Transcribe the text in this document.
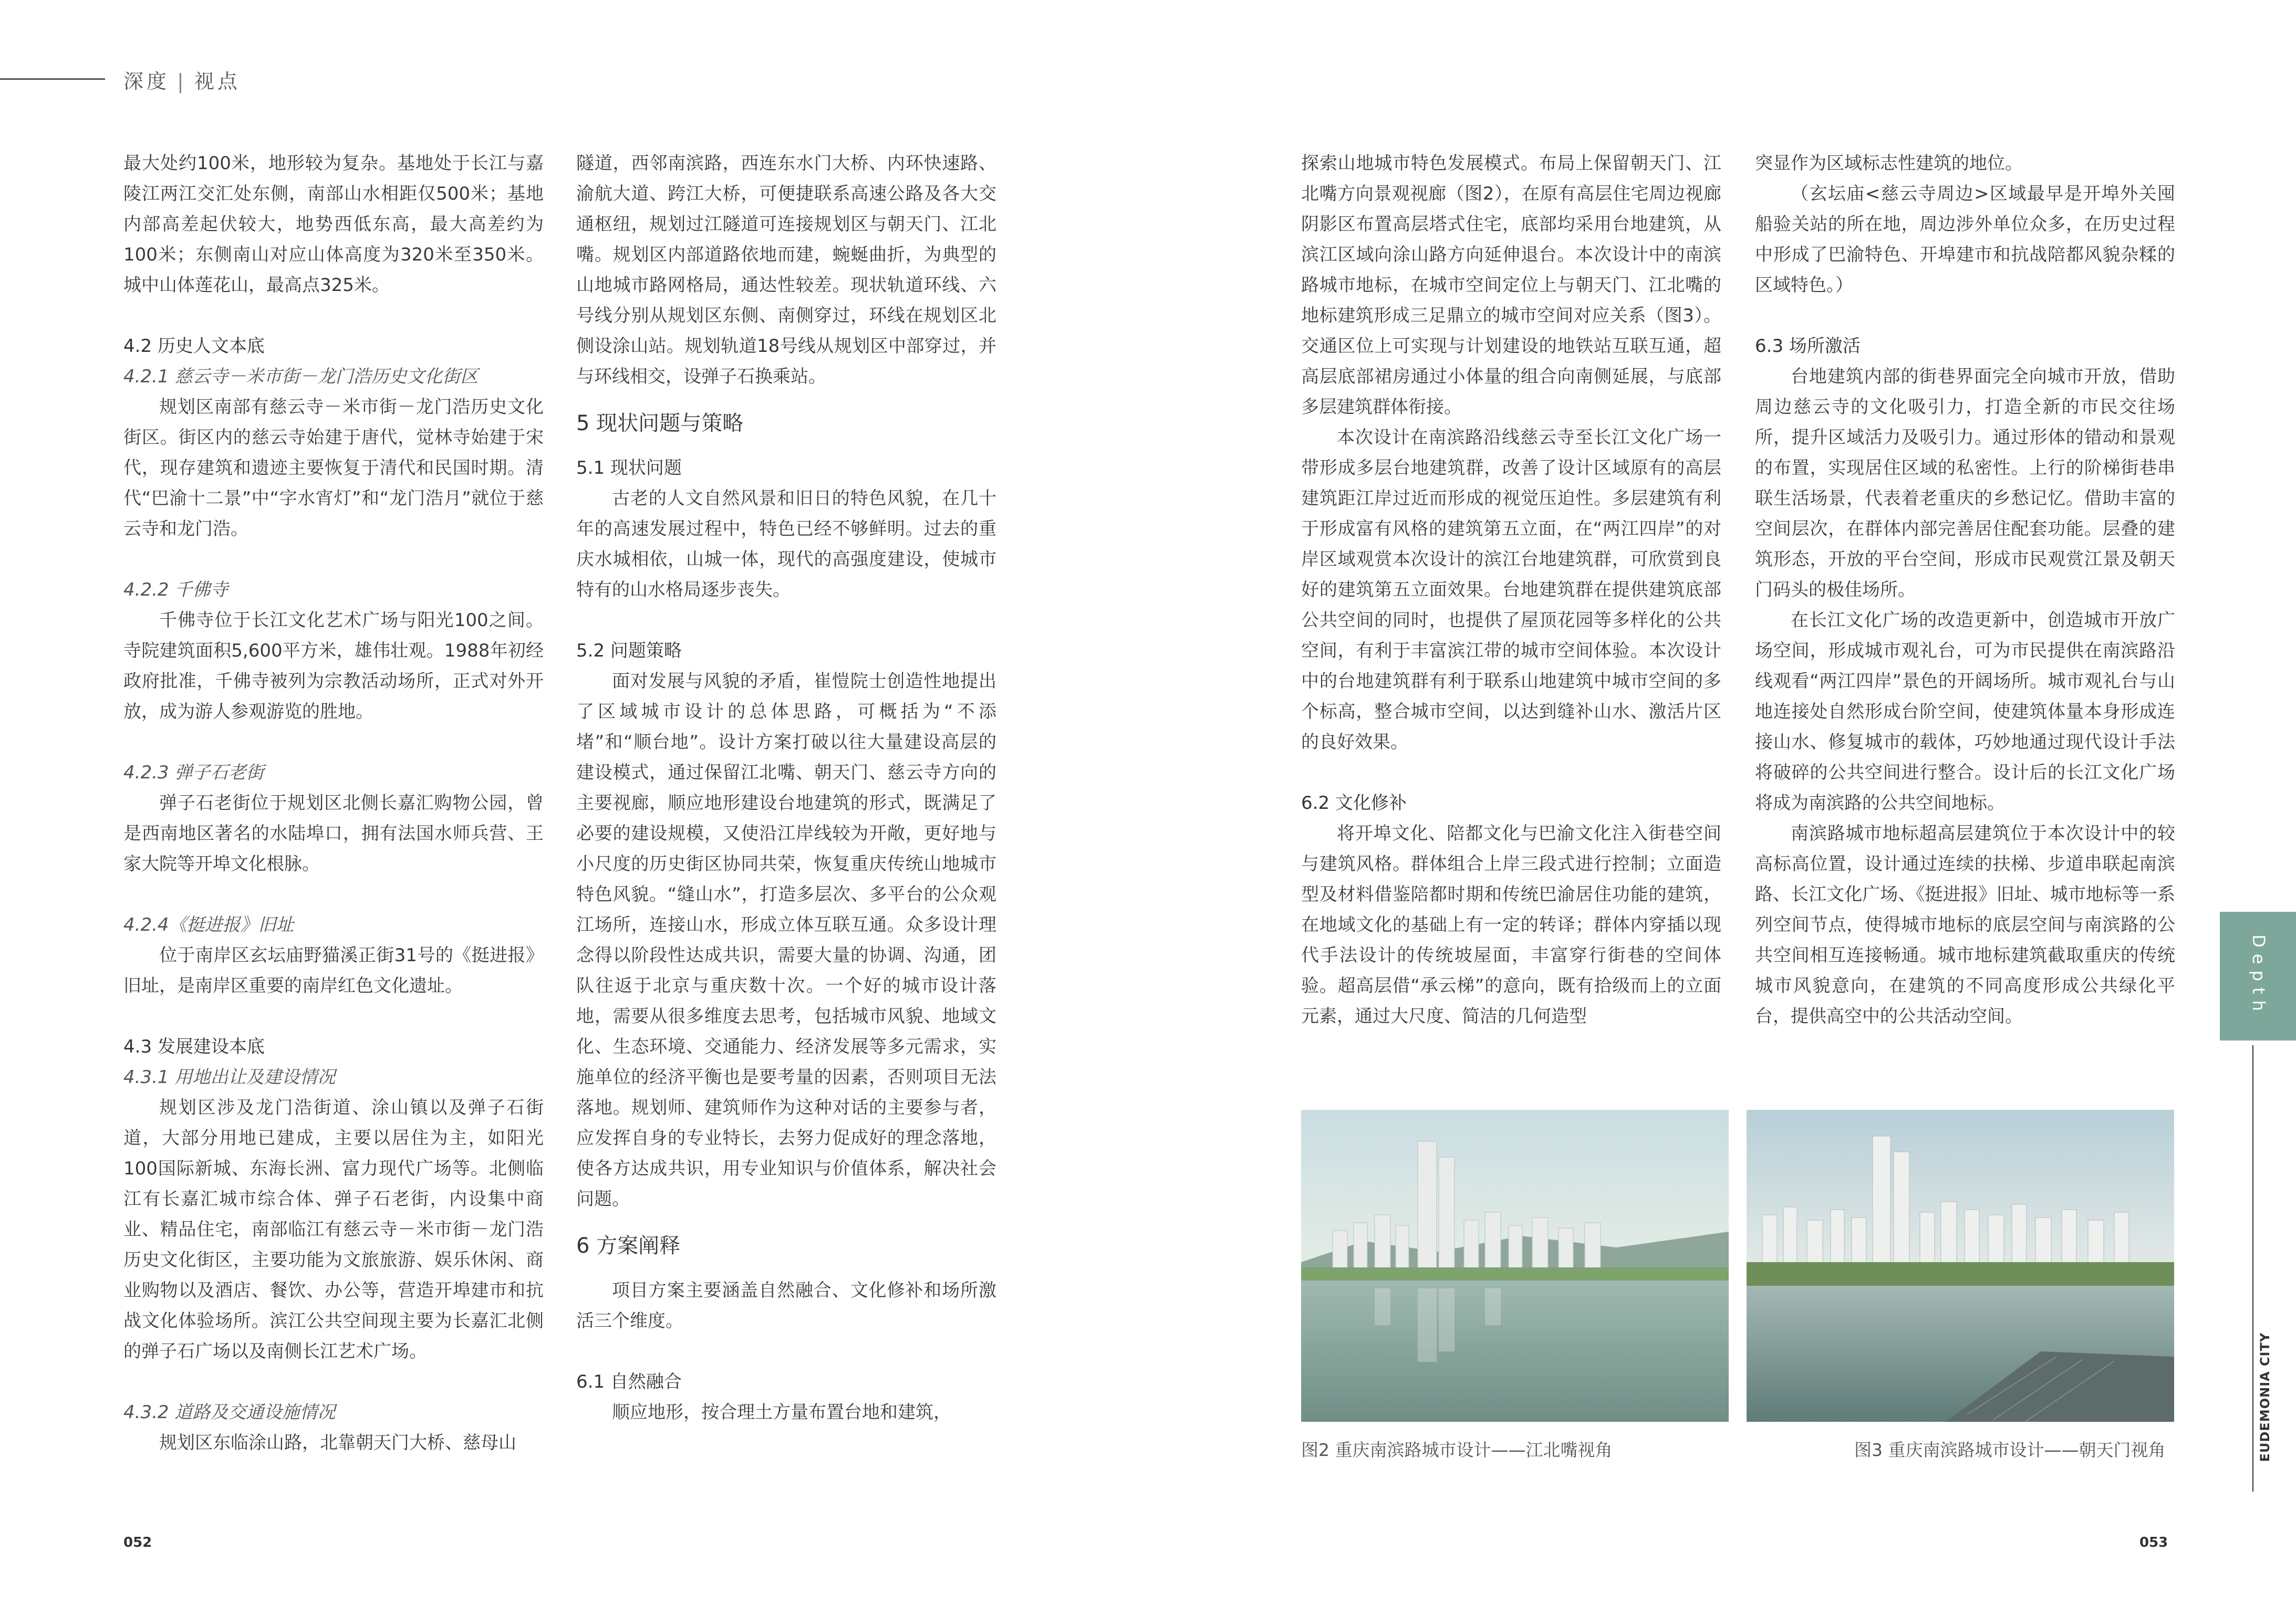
深度 | 视点

最大处约100米，地形较为复杂。基地处于长江与嘉陵江两江交汇处东侧，南部山水相距仅500米；基地内部高差起伏较大，地势西低东高，最大高差约为100米；东侧南山对应山体高度为320米至350米。城中山体莲花山，最高点325米。

4.2 历史人文本底
4.2.1 慈云寺－米市街－龙门浩历史文化街区

规划区南部有慈云寺－米市街－龙门浩历史文化街区。街区内的慈云寺始建于唐代，觉林寺始建于宋代，现存建筑和遗迹主要恢复于清代和民国时期。清代“巴渝十二景”中“字水宵灯”和“龙门浩月”就位于慈云寺和龙门浩。

4.2.2 千佛寺

千佛寺位于长江文化艺术广场与阳光100之间。寺院建筑面积5,600平方米，雄伟壮观。1988年初经政府批准，千佛寺被列为宗教活动场所，正式对外开放，成为游人参观游览的胜地。

4.2.3 弹子石老街

弹子石老街位于规划区北侧长嘉汇购物公园，曾是西南地区著名的水陆埠口，拥有法国水师兵营、王家大院等开埠文化根脉。

4.2.4《挺进报》旧址

位于南岸区玄坛庙野猫溪正街31号的《挺进报》旧址，是南岸区重要的南岸红色文化遗址。

4.3 发展建设本底
4.3.1 用地出让及建设情况

规划区涉及龙门浩街道、涂山镇以及弹子石街道，大部分用地已建成，主要以居住为主，如阳光100国际新城、东海长洲、富力现代广场等。北侧临江有长嘉汇城市综合体、弹子石老街，内设集中商业、精品住宅，南部临江有慈云寺－米市街－龙门浩历史文化街区，主要功能为文旅旅游、娱乐休闲、商业购物以及酒店、餐饮、办公等，营造开埠建市和抗战文化体验场所。滨江公共空间现主要为长嘉汇北侧的弹子石广场以及南侧长江艺术广场。

4.3.2 道路及交通设施情况

规划区东临涂山路，北靠朝天门大桥、慈母山

隧道，西邻南滨路，西连东水门大桥、内环快速路、渝航大道、跨江大桥，可便捷联系高速公路及各大交通枢纽，规划过江隧道可连接规划区与朝天门、江北嘴。规划区内部道路依地而建，蜿蜒曲折，为典型的山地城市路网格局，通达性较差。现状轨道环线、六号线分别从规划区东侧、南侧穿过，环线在规划区北侧设涂山站。规划轨道18号线从规划区中部穿过，并与环线相交，设弹子石换乘站。

5 现状问题与策略
5.1 现状问题

古老的人文自然风景和旧日的特色风貌，在几十年的高速发展过程中，特色已经不够鲜明。过去的重庆水城相依，山城一体，现代的高强度建设，使城市特有的山水格局逐步丧失。

5.2 问题策略

面对发展与风貌的矛盾，崔愷院士创造性地提出了区域城市设计的总体思路，可概括为“不添堵”和“顺台地”。设计方案打破以往大量建设高层的建设模式，通过保留江北嘴、朝天门、慈云寺方向的主要视廊，顺应地形建设台地建筑的形式，既满足了必要的建设规模，又使沿江岸线较为开敞，更好地与小尺度的历史街区协同共荣，恢复重庆传统山地城市特色风貌。“缝山水”，打造多层次、多平台的公众观江场所，连接山水，形成立体互联互通。众多设计理念得以阶段性达成共识，需要大量的协调、沟通，团队往返于北京与重庆数十次。一个好的城市设计落地，需要从很多维度去思考，包括城市风貌、地域文化、生态环境、交通能力、经济发展等多元需求，实施单位的经济平衡也是要考量的因素，否则项目无法落地。规划师、建筑师作为这种对话的主要参与者，应发挥自身的专业特长，去努力促成好的理念落地，使各方达成共识，用专业知识与价值体系，解决社会问题。

6 方案阐释

项目方案主要涵盖自然融合、文化修补和场所激活三个维度。

6.1 自然融合

顺应地形，按合理土方量布置台地和建筑，

探索山地城市特色发展模式。布局上保留朝天门、江北嘴方向景观视廊（图2），在原有高层住宅周边视廊阴影区布置高层塔式住宅，底部均采用台地建筑，从滨江区域向涂山路方向延伸退台。本次设计中的南滨路城市地标，在城市空间定位上与朝天门、江北嘴的地标建筑形成三足鼎立的城市空间对应关系（图3）。交通区位上可实现与计划建设的地铁站互联互通，超高层底部裙房通过小体量的组合向南侧延展，与底部多层建筑群体衔接。

本次设计在南滨路沿线慈云寺至长江文化广场一带形成多层台地建筑群，改善了设计区域原有的高层建筑距江岸过近而形成的视觉压迫性。多层建筑有利于形成富有风格的建筑第五立面，在“两江四岸”的对岸区域观赏本次设计的滨江台地建筑群，可欣赏到良好的建筑第五立面效果。台地建筑群在提供建筑底部公共空间的同时，也提供了屋顶花园等多样化的公共空间，有利于丰富滨江带的城市空间体验。本次设计中的台地建筑群有利于联系山地建筑中城市空间的多个标高，整合城市空间，以达到缝补山水、激活片区的良好效果。

6.2 文化修补

将开埠文化、陪都文化与巴渝文化注入街巷空间与建筑风格。群体组合上岸三段式进行控制；立面造型及材料借鉴陪都时期和传统巴渝居住功能的建筑，在地域文化的基础上有一定的转译；群体内穿插以现代手法设计的传统坡屋面，丰富穿行街巷的空间体验。超高层借“承云梯”的意向，既有拾级而上的立面元素，通过大尺度、简洁的几何造型

突显作为区域标志性建筑的地位。

（玄坛庙<慈云寺周边>区域最早是开埠外关囤船验关站的所在地，周边涉外单位众多，在历史过程中形成了巴渝特色、开埠建市和抗战陪都风貌杂糅的区域特色。）

6.3 场所激活

台地建筑内部的街巷界面完全向城市开放，借助周边慈云寺的文化吸引力，打造全新的市民交往场所，提升区域活力及吸引力。通过形体的错动和景观的布置，实现居住区域的私密性。上行的阶梯街巷串联生活场景，代表着老重庆的乡愁记忆。借助丰富的空间层次，在群体内部完善居住配套功能。层叠的建筑形态，开放的平台空间，形成市民观赏江景及朝天门码头的极佳场所。

在长江文化广场的改造更新中，创造城市开放广场空间，形成城市观礼台，可为市民提供在南滨路沿线观看“两江四岸”景色的开阔场所。城市观礼台与山地连接处自然形成台阶空间，使建筑体量本身形成连接山水、修复城市的载体，巧妙地通过现代设计手法将破碎的公共空间进行整合。设计后的长江文化广场将成为南滨路的公共空间地标。

南滨路城市地标超高层建筑位于本次设计中的较高标高位置，设计通过连续的扶梯、步道串联起南滨路、长江文化广场、《挺进报》旧址、城市地标等一系列空间节点，使得城市地标的底层空间与南滨路的公共空间相互连接畅通。城市地标建筑截取重庆的传统城市风貌意向，在建筑的不同高度形成公共绿化平台，提供高空中的公共活动空间。

图2 重庆南滨路城市设计——江北嘴视角	图3 重庆南滨路城市设计——朝天门视角
052	053
Depth
EUDEMONIA CITY
